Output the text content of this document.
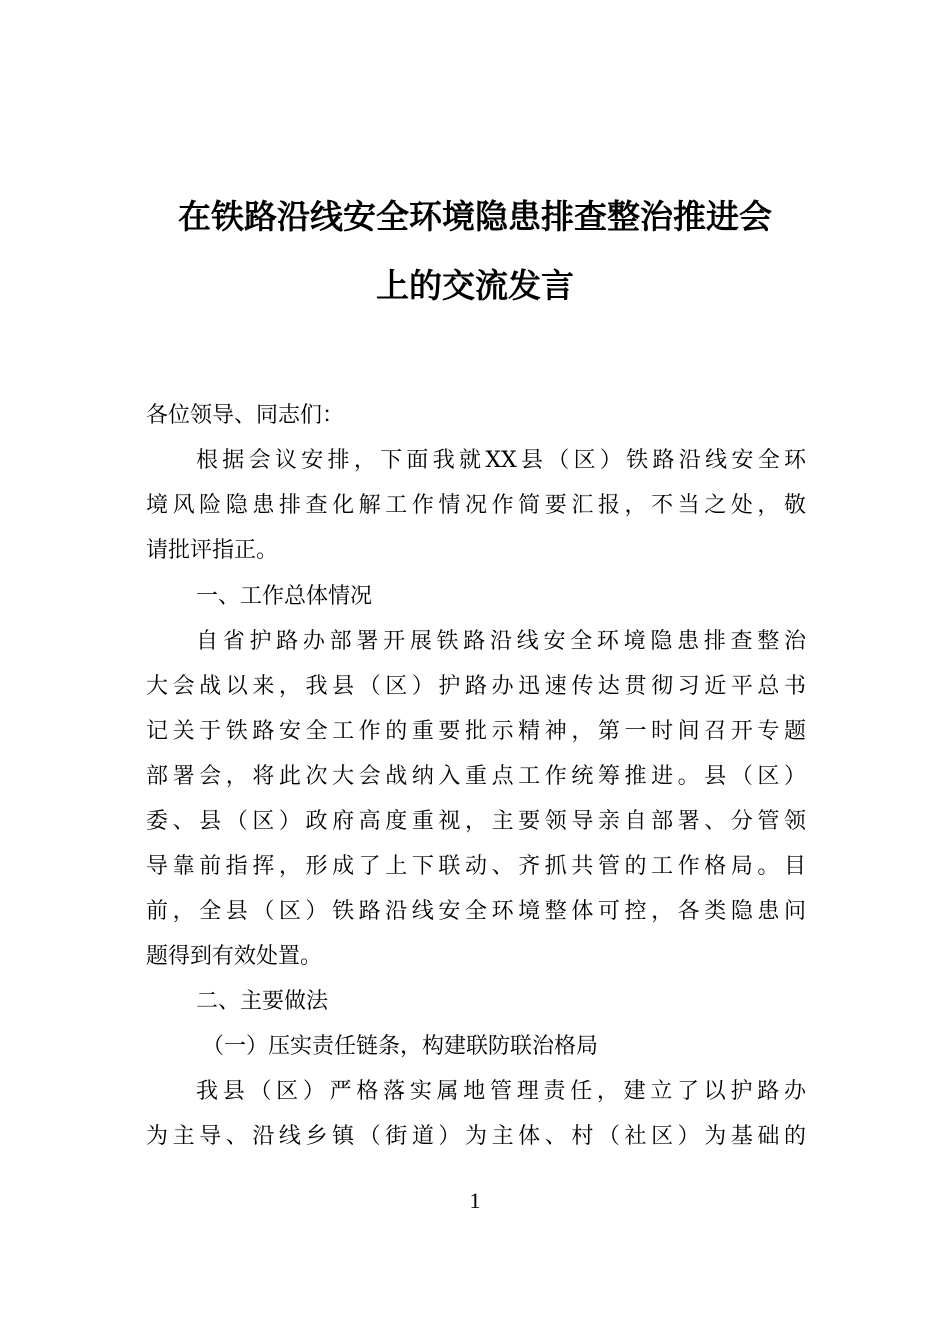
在铁路沿线安全环境隐患排查整治推进会
上的交流发言
各位领导、同志们：
根据会议安排，下面我就XX县（区）铁路沿线安全环
境风险隐患排查化解工作情况作简要汇报，不当之处，敬
请批评指正。
一、工作总体情况
自省护路办部署开展铁路沿线安全环境隐患排查整治
大会战以来，我县（区）护路办迅速传达贯彻习近平总书
记关于铁路安全工作的重要批示精神，第一时间召开专题
部署会，将此次大会战纳入重点工作统筹推进。县（区）
委、县（区）政府高度重视，主要领导亲自部署、分管领
导靠前指挥，形成了上下联动、齐抓共管的工作格局。目
前，全县（区）铁路沿线安全环境整体可控，各类隐患问
题得到有效处置。
二、主要做法
（一）压实责任链条，构建联防联治格局
我县（区）严格落实属地管理责任，建立了以护路办
为主导、沿线乡镇（街道）为主体、村（社区）为基础的
1
